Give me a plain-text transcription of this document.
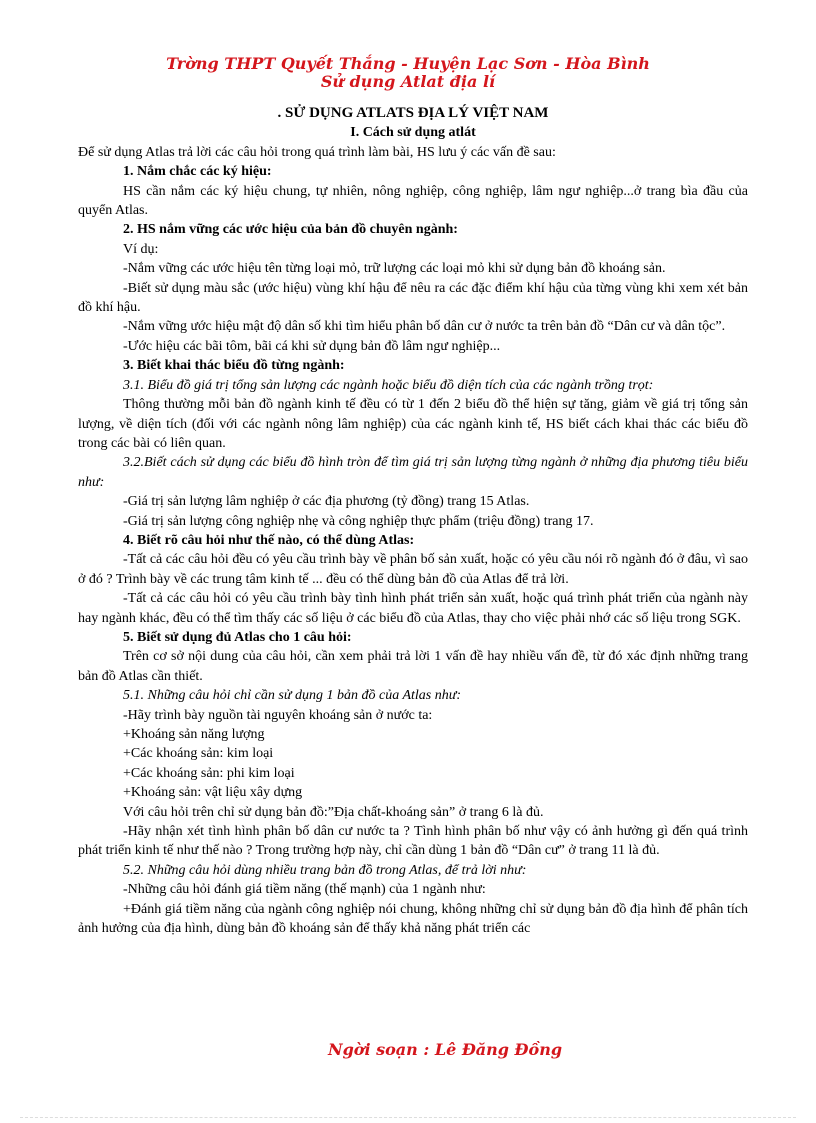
Trờng THPT Quyết Thắng - Huyện Lạc Sơn - Hòa Bình
Sử dụng Atlat địa lí

. SỬ DỤNG ATLATS ĐỊA LÝ VIỆT NAM

I. Cách sử dụng atlát

Để sử dụng Atlas trả lời các câu hỏi trong quá trình làm bài, HS lưu ý các vấn đề sau:

1. Nắm chắc các ký hiệu:

HS cần nắm các ký hiệu chung, tự nhiên, nông nghiệp, công nghiệp, lâm ngư nghiệp...ở trang bìa đầu của quyển Atlas.

2. HS nắm vững các ước hiệu của bản đồ chuyên ngành:

Ví dụ:

-Nắm vững các ước hiệu tên từng loại mỏ, trữ lượng các loại mỏ khi sử dụng bản đồ khoáng sản.

-Biết sử dụng màu sắc (ước hiệu) vùng khí hậu để nêu ra các đặc điểm khí hậu của từng vùng khi xem xét bản đồ khí hậu.

-Nắm vững ước hiệu mật độ dân số khi tìm hiểu phân bố dân cư ở nước ta trên bản đồ “Dân cư và dân tộc”.

-Ước hiệu các bãi tôm, bãi cá khi sử dụng bản đồ lâm ngư nghiệp...

3. Biết khai thác biểu đồ từng ngành:

3.1. Biểu đồ giá trị tổng sản lượng các ngành hoặc biểu đồ diện tích của các ngành trồng trọt:

Thông thường mỗi bản đồ ngành kinh tế đều có từ 1 đến 2 biểu đồ thể hiện sự tăng, giảm về giá trị tổng sản lượng, về diện tích (đối với các ngành nông lâm nghiệp) của các ngành kinh tế, HS biết cách khai thác các biểu đồ trong các bài có liên quan.

3.2.Biết cách sử dụng các biểu đồ hình tròn để tìm giá trị sản lượng từng ngành ở những địa phương tiêu biểu như:

-Giá trị sản lượng lâm nghiệp ở các địa phương (tỷ đồng) trang 15 Atlas.

-Giá trị sản lượng công nghiệp nhẹ và công nghiệp thực phẩm (triệu đồng) trang 17.

4. Biết rõ câu hỏi như thế nào, có thể dùng Atlas:

-Tất cả các câu hỏi đều có yêu cầu trình bày về phân bố sản xuất, hoặc có yêu cầu nói rõ ngành đó ở đâu, vì sao ở đó ? Trình bày về các trung tâm kinh tế ... đều có thể dùng bản đồ của Atlas để trả lời.

-Tất cả các câu hỏi có yêu cầu trình bày tình hình phát triển sản xuất, hoặc quá trình phát triển của ngành này hay ngành khác, đều có thể tìm thấy các số liệu ở các biểu đồ của Atlas, thay cho việc phải nhớ các số liệu trong SGK.

5. Biết sử dụng đủ Atlas cho 1 câu hỏi:

Trên cơ sở nội dung của câu hỏi, cần xem phải trả lời 1 vấn đề hay nhiều vấn đề, từ đó xác định những trang bản đồ Atlas cần thiết.

5.1. Những câu hỏi chỉ cần sử dụng 1 bản đồ của Atlas như:

-Hãy trình bày nguồn tài nguyên khoáng sản ở nước ta:

+Khoáng sản năng lượng

+Các khoáng sản: kim loại

+Các khoáng sản: phi kim loại

+Khoáng sản: vật liệu xây dựng

Với câu hỏi trên chỉ sử dụng bản đồ:”Địa chất-khoáng sản” ở trang 6 là đủ.

-Hãy nhận xét tình hình phân bố dân cư nước ta ? Tình hình phân bố như vậy có ảnh hưởng gì đến quá trình phát triển kinh tế như thế nào ? Trong trường hợp này, chỉ cần dùng 1 bản đồ “Dân cư” ở trang 11 là đủ.

5.2. Những câu hỏi dùng nhiều trang bản đồ trong Atlas, để trả lời như:

-Những câu hỏi đánh giá tiềm năng (thế mạnh) của 1 ngành như:

+Đánh giá tiềm năng của ngành công nghiệp nói chung, không những chỉ sử dụng bản đồ địa hình để phân tích ảnh hưởng của địa hình, dùng bản đồ khoáng sản để thấy khả năng phát triển các

Ngời soạn : Lê Đăng Đồng
